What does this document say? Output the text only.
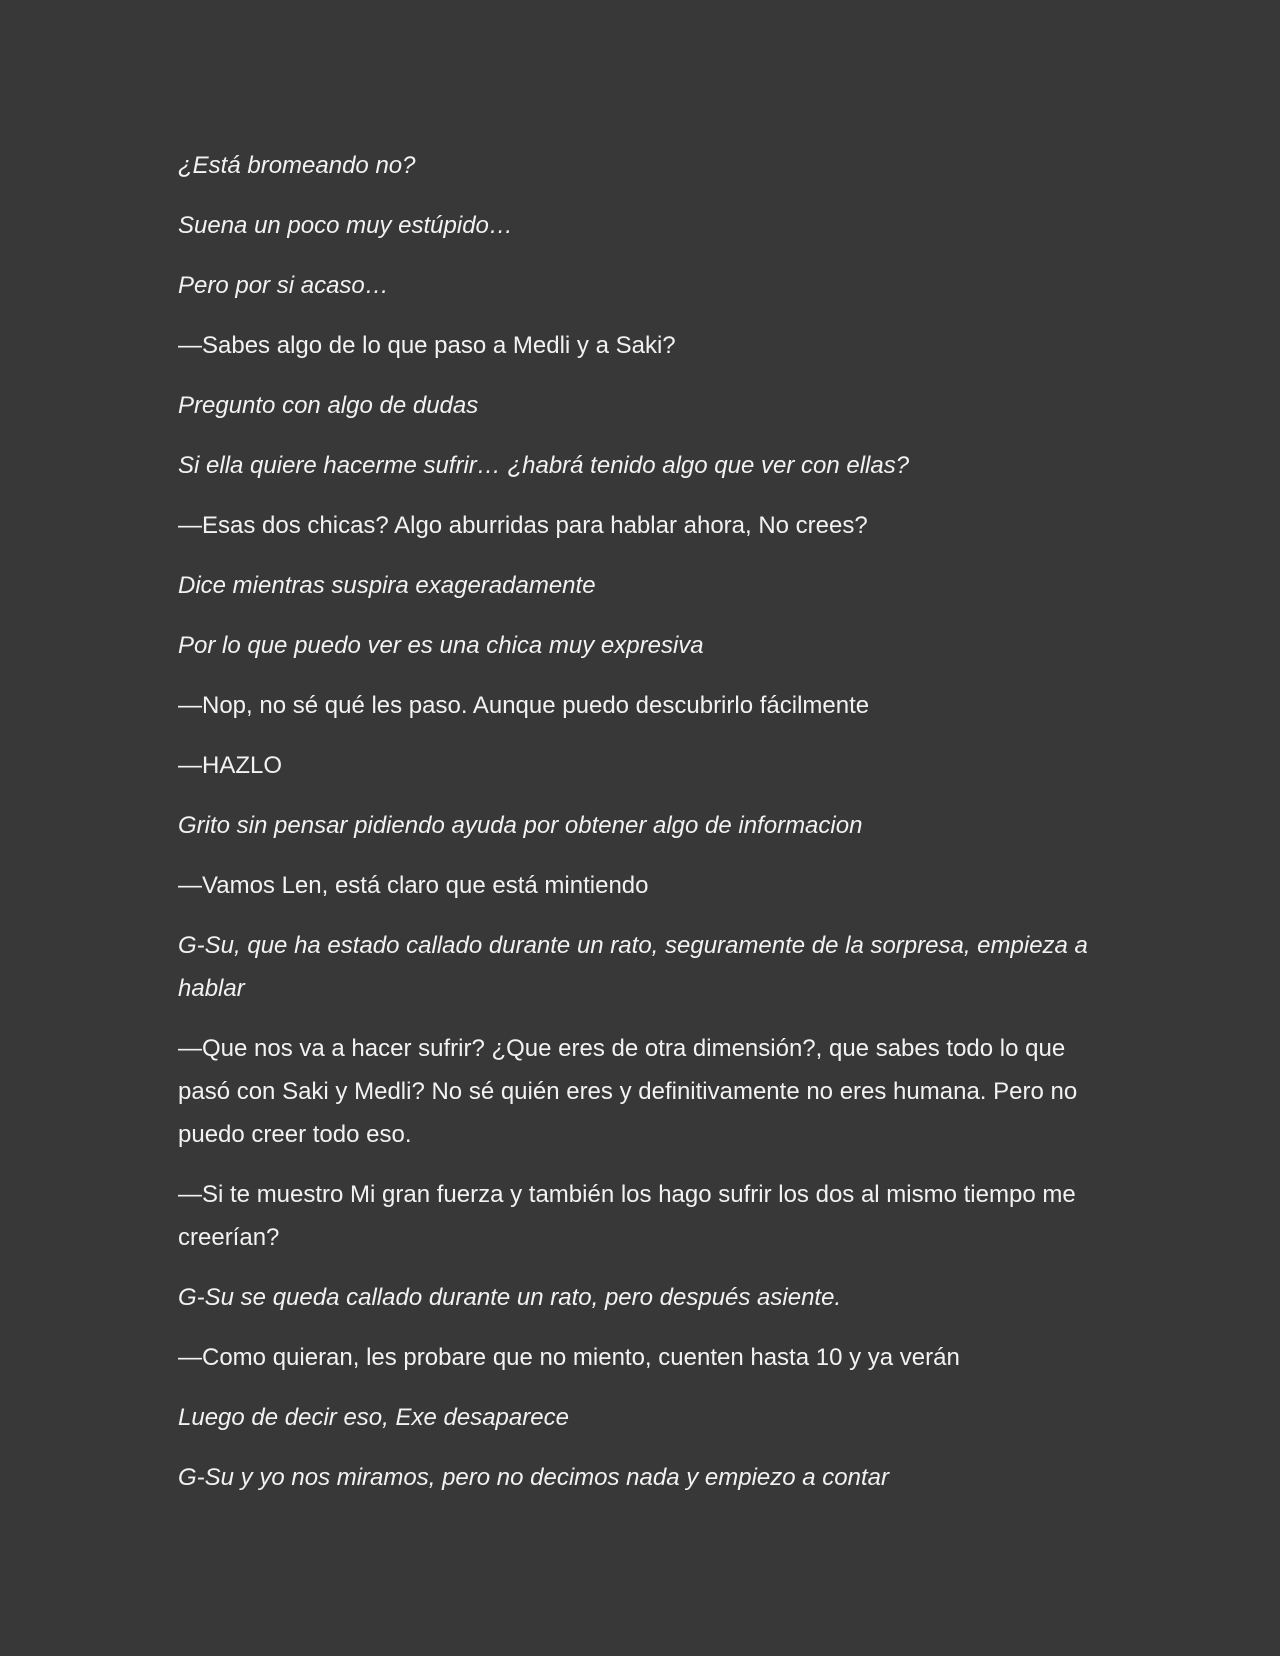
¿Está bromeando no?

Suena un poco muy estúpido…

Pero por si acaso…

—Sabes algo de lo que paso a Medli y a Saki?

Pregunto con algo de dudas

Si ella quiere hacerme sufrir… ¿habrá tenido algo que ver con ellas?

—Esas dos chicas? Algo aburridas para hablar ahora, No crees?

Dice mientras suspira exageradamente

Por lo que puedo ver es una chica muy expresiva

—Nop, no sé qué les paso. Aunque puedo descubrirlo fácilmente

—HAZLO

Grito sin pensar pidiendo ayuda por obtener algo de informacion

—Vamos Len, está claro que está mintiendo

G-Su, que ha estado callado durante un rato, seguramente de la sorpresa, empieza a hablar

—Que nos va a hacer sufrir? ¿Que eres de otra dimensión?, que sabes todo lo que pasó con Saki y Medli? No sé quién eres y definitivamente no eres humana. Pero no puedo creer todo eso.

—Si te muestro Mi gran fuerza y también los hago sufrir los dos al mismo tiempo me creerían?

G-Su se queda callado durante un rato, pero después asiente.

—Como quieran, les probare que no miento, cuenten hasta 10 y ya verán

Luego de decir eso, Exe desaparece

G-Su y yo nos miramos, pero no decimos nada y empiezo a contar
